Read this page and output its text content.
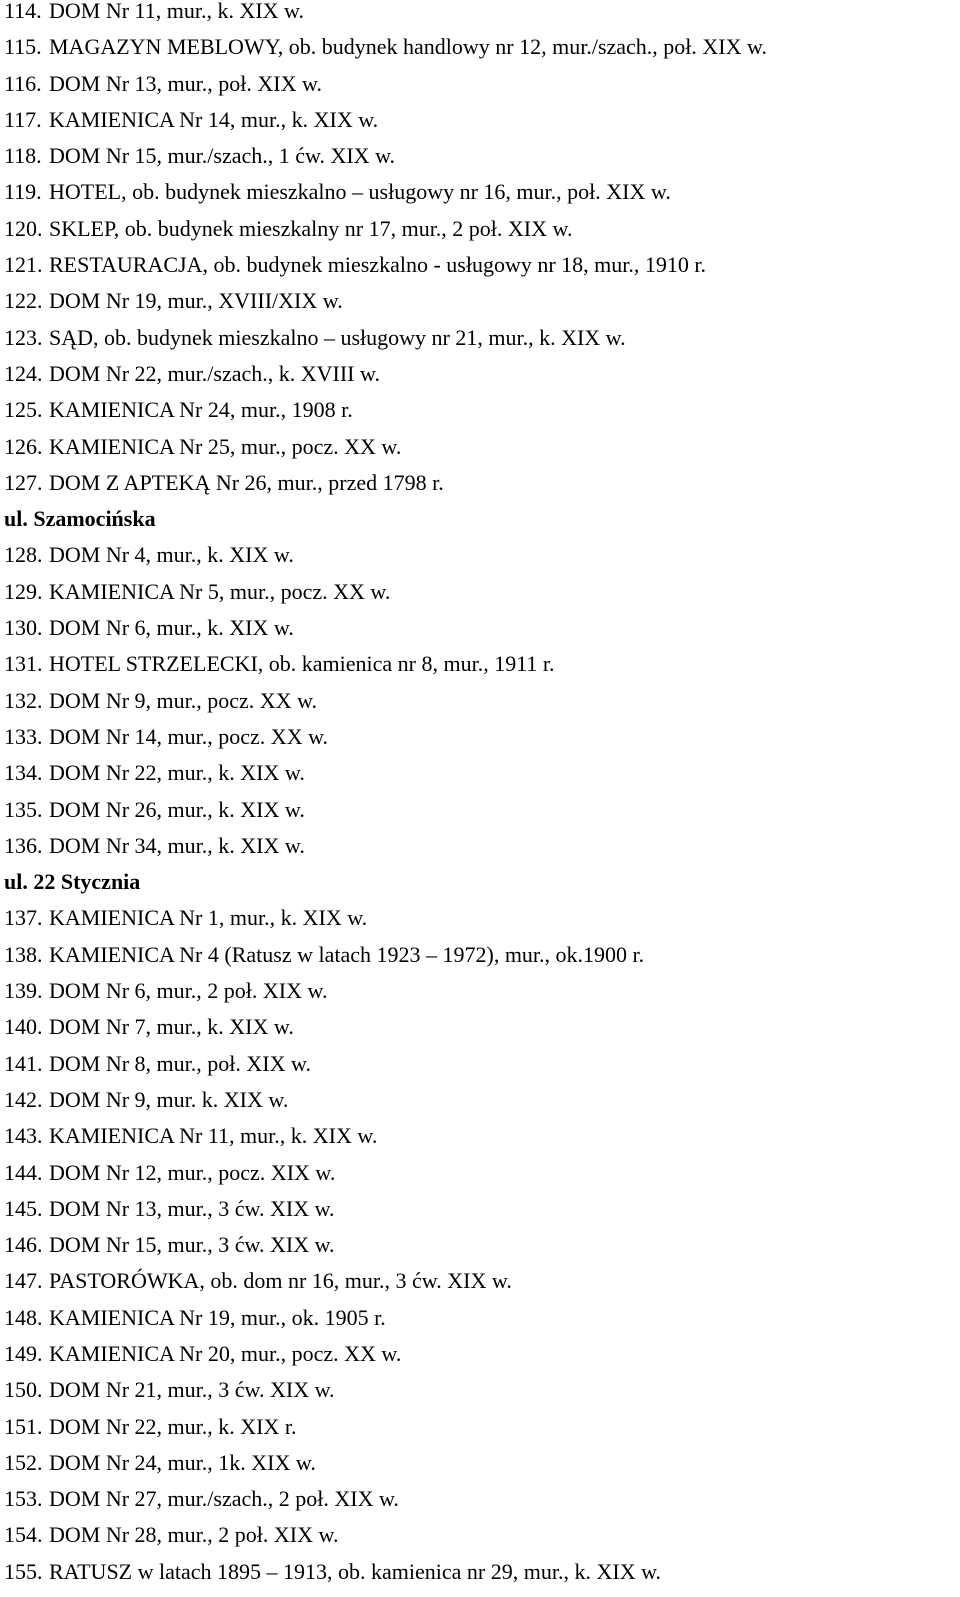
114. DOM Nr 11, mur., k. XIX w.
115. MAGAZYN MEBLOWY, ob. budynek handlowy nr 12, mur./szach., poł. XIX w.
116. DOM Nr 13, mur., poł. XIX w.
117. KAMIENICA Nr 14, mur., k. XIX w.
118. DOM Nr 15, mur./szach., 1 ćw. XIX w.
119. HOTEL, ob. budynek mieszkalno – usługowy nr 16, mur., poł. XIX w.
120. SKLEP, ob. budynek mieszkalny nr 17, mur., 2 poł. XIX w.
121. RESTAURACJA, ob. budynek mieszkalno - usługowy nr 18, mur., 1910 r.
122. DOM Nr 19, mur., XVIII/XIX w.
123. SĄD, ob. budynek mieszkalno – usługowy nr 21, mur., k. XIX w.
124. DOM Nr 22, mur./szach., k. XVIII w.
125. KAMIENICA Nr 24, mur., 1908 r.
126. KAMIENICA Nr 25, mur., pocz. XX w.
127. DOM Z APTEKĄ Nr 26, mur., przed 1798 r.
ul. Szamocińska
128. DOM Nr 4, mur., k. XIX w.
129. KAMIENICA Nr 5, mur., pocz. XX w.
130. DOM Nr 6, mur., k. XIX w.
131. HOTEL STRZELECKI, ob. kamienica nr 8, mur., 1911 r.
132. DOM Nr 9, mur., pocz. XX w.
133. DOM Nr 14, mur., pocz. XX w.
134. DOM Nr 22, mur., k. XIX w.
135. DOM Nr 26, mur., k. XIX w.
136. DOM Nr 34, mur., k. XIX w.
ul. 22 Stycznia
137. KAMIENICA Nr 1, mur., k. XIX w.
138. KAMIENICA Nr 4 (Ratusz w latach 1923 – 1972), mur., ok.1900 r.
139. DOM Nr 6, mur., 2 poł. XIX w.
140. DOM Nr 7, mur., k. XIX w.
141. DOM Nr 8, mur., poł. XIX w.
142. DOM Nr 9, mur. k. XIX w.
143. KAMIENICA Nr 11, mur., k. XIX w.
144. DOM Nr 12, mur., pocz. XIX w.
145. DOM Nr 13, mur., 3 ćw. XIX w.
146. DOM Nr 15, mur., 3 ćw. XIX w.
147. PASTORÓWKA, ob. dom nr 16, mur., 3 ćw. XIX w.
148. KAMIENICA Nr 19, mur., ok. 1905 r.
149. KAMIENICA Nr 20, mur., pocz. XX w.
150. DOM Nr 21, mur., 3 ćw. XIX w.
151. DOM Nr 22, mur., k. XIX r.
152. DOM Nr 24, mur., 1k. XIX w.
153. DOM Nr 27, mur./szach., 2 poł. XIX w.
154. DOM Nr 28, mur., 2 poł. XIX w.
155. RATUSZ w latach 1895 – 1913, ob. kamienica nr 29, mur., k. XIX w.
